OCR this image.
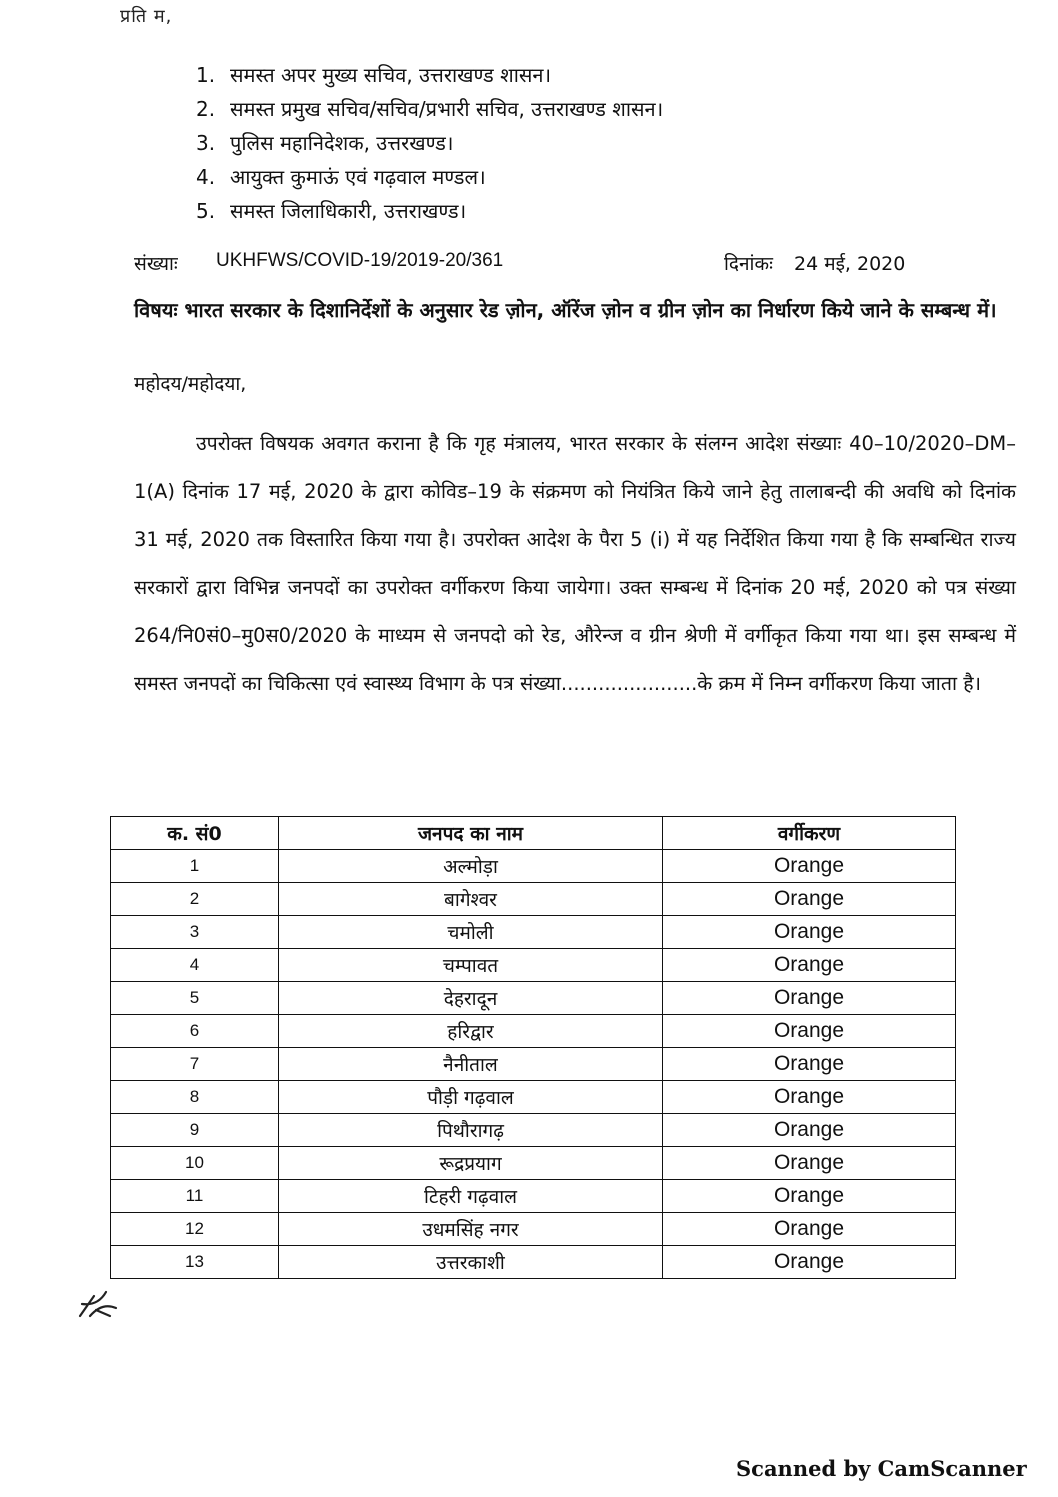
प्रति म,
1. समस्त अपर मुख्य सचिव, उत्तराखण्ड शासन।
2. समस्त प्रमुख सचिव/सचिव/प्रभारी सचिव, उत्तराखण्ड शासन।
3. पुलिस महानिदेशक, उत्तरखण्ड।
4. आयुक्त कुमाऊं एवं गढ़वाल मण्डल।
5. समस्त जिलाधिकारी, उत्तराखण्ड।
संख्याः UKHFWS/COVID-19/2019-20/361	दिनांकः 24 मई, 2020
विषयः भारत सरकार के दिशानिर्देशों के अनुसार रेड ज़ोन, ऑरेंज ज़ोन व ग्रीन ज़ोन का निर्धारण किये जाने के सम्बन्ध में।
महोदय/महोदया,
उपरोक्त विषयक अवगत कराना है कि गृह मंत्रालय, भारत सरकार के संलग्न आदेश संख्याः 40–10/2020–DM– 1(A) दिनांक 17 मई, 2020 के द्वारा कोविड–19 के संक्रमण को नियंत्रित किये जाने हेतु तालाबन्दी की अवधि को दिनांक 31 मई, 2020 तक विस्तारित किया गया है। उपरोक्त आदेश के पैरा 5 (i) में यह निर्देशित किया गया है कि सम्बन्धित राज्य सरकारों द्वारा विभिन्न जनपदों का उपरोक्त वर्गीकरण किया जायेगा। उक्त सम्बन्ध में दिनांक 20 मई, 2020 को पत्र संख्या 264/नि0सं0–मु0स0/2020 के माध्यम से जनपदो को रेड, औरेन्ज व ग्रीन श्रेणी में वर्गीकृत किया गया था। इस सम्बन्ध में समस्त जनपदों का चिकित्सा एवं स्वास्थ्य विभाग के पत्र संख्या......................के क्रम में निम्न वर्गीकरण किया जाता है।
क. सं0	जनपद का नाम	वर्गीकरण
1	अल्मोड़ा	Orange
2	बागेश्वर	Orange
3	चमोली	Orange
4	चम्पावत	Orange
5	देहरादून	Orange
6	हरिद्वार	Orange
7	नैनीताल	Orange
8	पौड़ी गढ़वाल	Orange
9	पिथौरागढ़	Orange
10	रूद्रप्रयाग	Orange
11	टिहरी गढ़वाल	Orange
12	उधमसिंह नगर	Orange
13	उत्तरकाशी	Orange
Scanned by CamScanner
